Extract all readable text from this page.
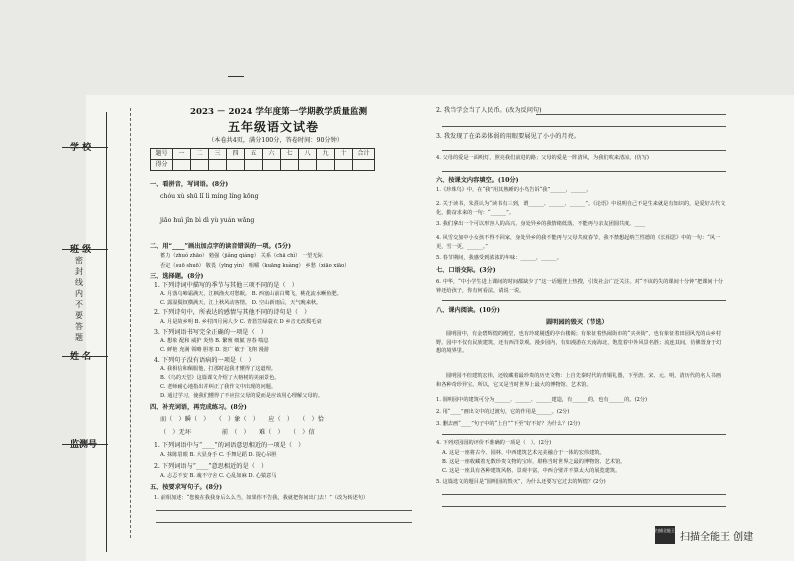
学 校
班 级
姓 名
监测号
密封线内不要答题
2023 － 2024 学年度第一学期教学质量监测
五年级语文试卷
（本卷共4页，满分100分，答卷时间：90分钟）
题号	一	二	三	四	五	六	七	八	九	十	合计
得分											
一、看拼音，写词语。(8分)
chóu xù shū lǐ lì míng líng kōng
jiāo huì jǐn bì dì yù yuán wǎng
二、用“____”画出加点字的读音错误的一项。(5分)
蓄力（zhuó zhāo） 勉强（jiǎng qiáng） 关系（chā chì） 一望无际
否定（suō shuō） 敬畏（yīng yìn） 咀嚼（kuāng kuàng） 乡愁（xiāo xiāo）
三、选择题。(8分)
1. 下列诗词中描写的季节与其他三项不同的是（　）
A. 月落乌啼霜满天，江枫渔火对愁眠。 B. 西塞山前白鹭飞，桃花流水鳜鱼肥。
C. 露湿鬓钗横满天，江上秋风动客情。 D. 空山新雨后，天气晚来秋。
2. 下列诗句中，所表达的感情与其他不同的诗句是（　）
A. 月是故乡明 B. 乡村四月闲人少 C. 青箬笠绿蓑衣 D 乡音无改鬓毛衰
3. 下列词语书写完全正确的一项是（　）
A. 想象 配和 威护 炎热 B. 繁殖 细腻 容春 喘息
C. 鲜艳 充满 领略 胆寒 D. 宽广 敏于 飞翔 漫游
4. 下列句子没有语病的一项是（　）
A. 我相信和佩服他，打那时起我才懂得了这道理。
B.《乌的天堂》这篇课文介绍了大榕树的美丽景色。
C. 老师耐心地指出并纠正了我作文中出现的问题。
D. 通过学习，使我们懂得了不应拉父母的爱而是应该用心理解父母的。
四、补充词语，再完成练习。(8分)
而（　）瞬（　）　　（　）象（　）　　应（　）　　（　）恰
（　）无坏　　　　　前　（　）　　难（　）　　（　）信
1. 下列词语中与“____”的词语意思相近的一项是（　）
A. 抹陈眉眼 B. 大显身手 C. 手舞足蹈 D. 提心吊胆
2. 下列词语与“____”意思相近的是（　）
A. 忐忑不安 B. 魂不守舍 C. 心乱如麻 D. 心猿意马
五、按要求写句子。(8分)
1. 前相加述：“您俊在我我身后么么当，如果你不告我，我就把你间出门去！”（改为转述句）
2. 我当学会当了人民币。(改为反问句)
3. 我发现了在弟弟体弱的用眼要展见了小小的月亮。
4. 父母的爱是一面明灯，照亮我们前进的路；父母的爱是一阵清风，为我们吹来清凉。(仿写)
六、按课文内容填空。(10分)
1.《珍珠鸟》中，在“我”用其熟睡的小鸟告诉“我”______，______。
2. 关于读书，朱熹认为“读书有三到，谓______、______、______”。《论语》中说明自己不是生来就是有知识的，是爱好古代文化，勤奋求来的一句：“______”。
3. 我们拿出一个可以形容人的高兴，身处异乡的我情绪低落，不能再与亲友团圆共度。____
4. 风雪交加中小女孩不得不回家，身处异乡的我不能再与父母共度春节，我不禁想起纳兰性德的《长相思》中的一句：“风一更，雪一更，______。”
5. 春节期间，我感受到浓浓的年味：______，______。
七、口语交际。(3分)
6. 中华，“中小学生进上课间的时间都缺少了”这一话题登上热搜，引发社会广泛关注。对“不该的失的课间十分钟”把课间十分钟还给孩子，你有何看法，请说一说。
八、课内阅读。(10分)
圆明园的毁灭（节选）
圆明园中，有金碧辉煌的殿堂，也有玲珑剔透的亭台楼阁；有象征着热闹街市的“买卖街”，也有象征着田园风光的山乡村野。园中不仅有民族建筑，还有西洋景观。漫步园内，有如漫游在天南海北，饱览着中外风景名胜；流连其间，仿佛置身于幻想的境界里。
圆明园不但建筑宏伟，还收藏着最珍贵的历史文物：上自先秦时代的青铜礼器，下至唐、宋、元、明、清历代的名人书画和各种奇珍异宝。所以，它又是当时世界上最大的博物馆、艺术馆。
1. 圆明园中的建筑可分为______、______、______建造，有______的，也有______的。(2分)
2. 用“____”画出文中的过渡句，它的作用是______。(2分)
3. 删去画“____”句子中的“上自”“下至”好不好？为什么？(2分)
4. 下列对园园的评价不准确的一项是（　）。(2分)
A. 这是一座将古今、园林、中西建筑艺术完美融合于一体的宏伟建筑。
B. 这是一座收藏着无数珍贵文物的宝库，堪称当时世界之最的博物馆、艺术馆。
C. 这是一座具有各种建筑风格、景观丰富，中西合璧并不算太大的展览建筑。
5. 这篇选文的题目是“圆明园的毁灭”，为什么还要写它过去的辉煌？(2分)
扫描全能王
扫描全能王 创建
